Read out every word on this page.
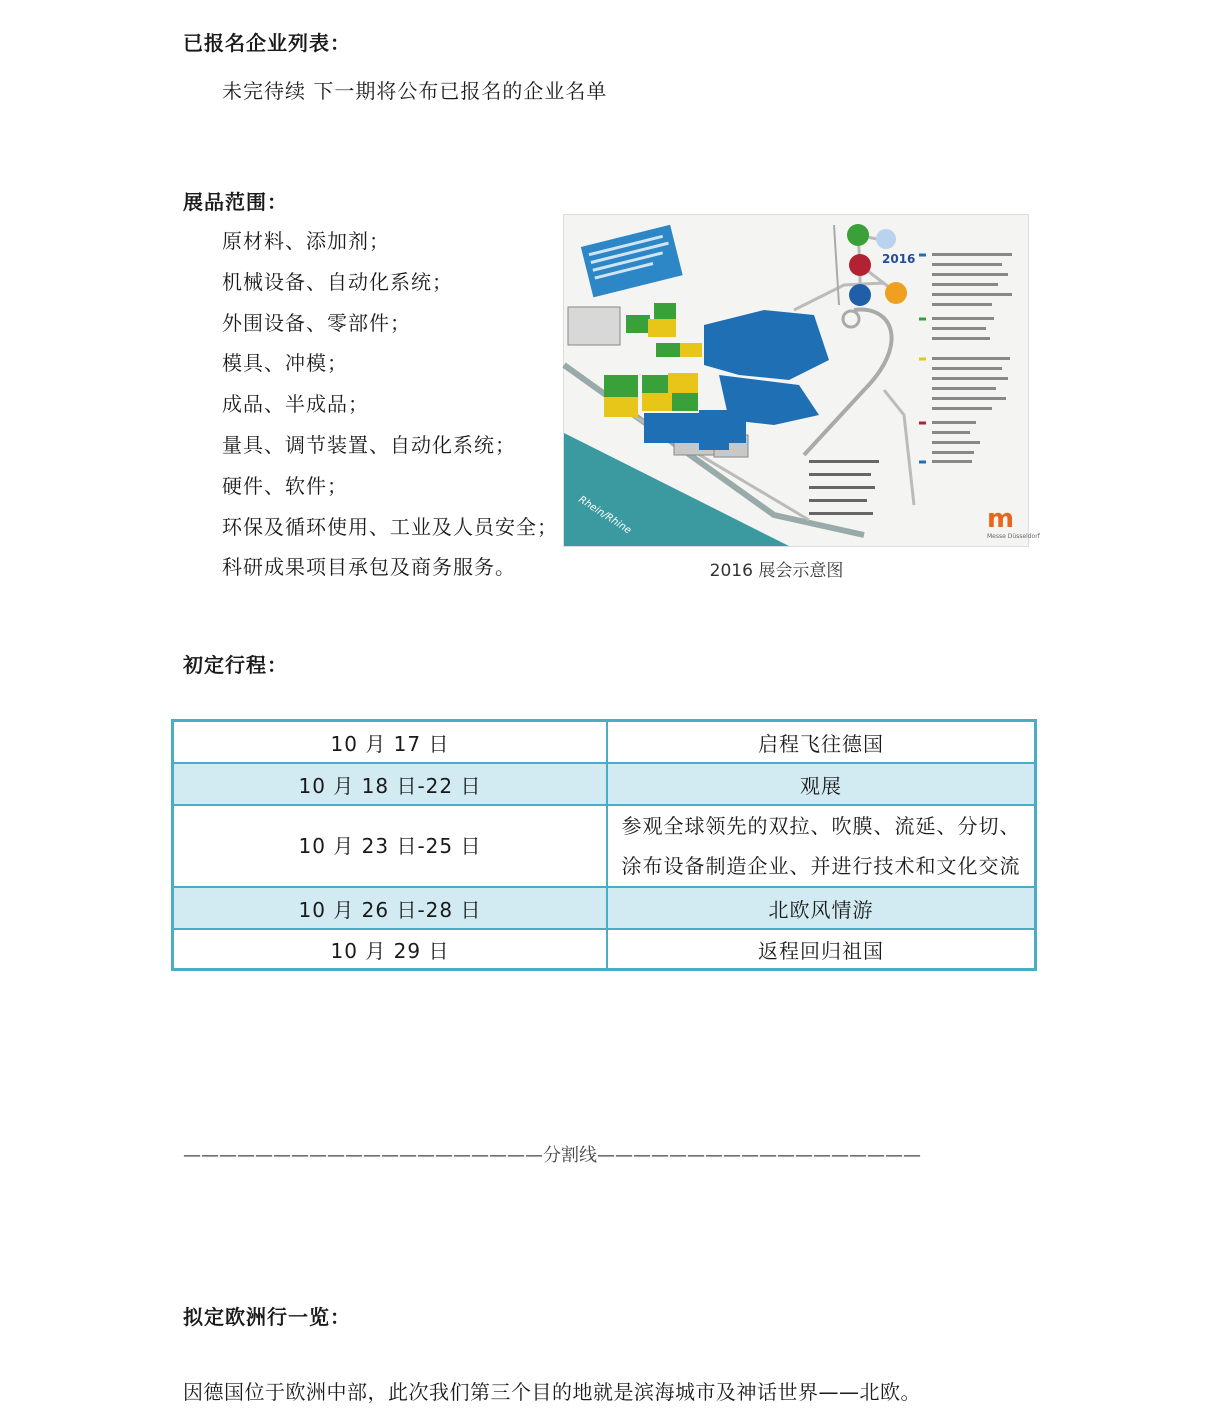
已报名企业列表：
未完待续 下一期将公布已报名的企业名单
展品范围：
原材料、添加剂；
机械设备、自动化系统；
外围设备、零部件；
模具、冲模；
成品、半成品；
量具、调节装置、自动化系统；
硬件、软件；
环保及循环使用、工业及人员安全；
科研成果项目承包及商务服务。
Rhein/Rhine
2016
m
Messe Düsseldorf
2016 展会示意图
初定行程：
10 月 17 日	启程飞往德国
10 月 18 日-22 日	观展
10 月 23 日-25 日	参观全球领先的双拉、吹膜、流延、分切、涂布设备制造企业、并进行技术和文化交流
10 月 26 日-28 日	北欧风情游
10 月 29 日	返程回归祖国
————————————————————分割线——————————————————
拟定欧洲行一览：
因德国位于欧洲中部，此次我们第三个目的地就是滨海城市及神话世界——北欧。
